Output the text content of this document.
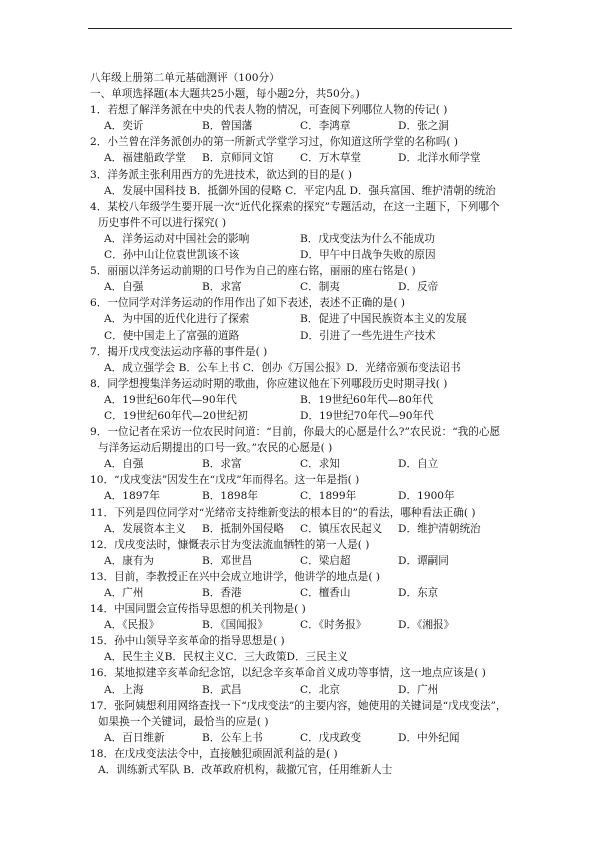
八年级上册第二单元基础测评（100分）
一、单项选择题(本大题共25小题，每小题2分，共50分。)
1．若想了解洋务派在中央的代表人物的情况，可查阅下列哪位人物的传记( )
A．奕䜣	B．曾国藩	C．李鸿章	D．张之洞
2．小兰曾在洋务派创办的第一所新式学堂学习过，你知道这所学堂的名称吗( )
A．福建船政学堂	B．京师同文馆	C．万木草堂	D．北洋水师学堂
3．洋务派主张利用西方的先进技术，欲达到的目的是( )
A．发展中国科技 B．抵御外国的侵略 C．平定内乱 D．强兵富国、维护清朝的统治
4．某校八年级学生要开展一次“近代化探索的探究”专题活动，在这一主题下，下列哪个
历史事件不可以进行探究( )
A．洋务运动对中国社会的影响	B．戊戌变法为什么不能成功
C．孙中山让位袁世凯该不该	D．甲午中日战争失败的原因
5．丽丽以洋务运动前期的口号作为自己的座右铭，丽丽的座右铭是( )
A．自强	B．求富	C．制夷	D．反帝
6．一位同学对洋务运动的作用作出了如下表述，表述不正确的是( )
A．为中国的近代化进行了探索	B．促进了中国民族资本主义的发展
C．使中国走上了富强的道路	D．引进了一些先进生产技术
7．揭开戊戌变法运动序幕的事件是( )
A．成立强学会 B．公车上书 C．创办《万国公报》D．光绪帝颁布变法诏书
8．同学想搜集洋务运动时期的歌曲，你应建议他在下列哪段历史时期寻找( )
A．19世纪60年代—90年代	B．19世纪60年代—80年代
C．19世纪60年代—20世纪初	D．19世纪70年代—90年代
9．一位记者在采访一位农民时问道：“目前，你最大的心愿是什么?”农民说：“我的心愿
与洋务运动后期提出的口号一致。”农民的心愿是( )
A．自强	B．求富	C．求知	D．自立
10．“戊戌变法”因发生在“戊戌”年而得名。这一年是指( )
A．1897年	B．1898年	C．1899年	D．1900年
11．下列是四位同学对“光绪帝支持维新变法的根本目的”的看法，哪种看法正确( )
A．发展资本主义	B．抵制外国侵略	C．镇压农民起义	D．维护清朝统治
12．戊戌变法时，慷慨表示甘为变法流血牺牲的第一人是( )
A．康有为	B．邓世昌	C．梁启超	D．谭嗣同
13．目前，李教授正在兴中会成立地讲学，他讲学的地点是( )
A．广州	B．香港	C．檀香山	D．东京
14．中国同盟会宣传指导思想的机关刊物是( )
A．《民报》	B．《国闻报》	C．《时务报》	D．《湘报》
15．孙中山领导辛亥革命的指导思想是( )
A．民生主义 B．民权主义 C．三大政策D．三民主义
16．某地拟建辛亥革命纪念馆，以纪念辛亥革命首义成功等事情，这一地点应该是( )
A．上海	B．武昌	C．北京	D．广州
17．张阿姨想利用网络查找一下“戊戌变法”的主要内容，她使用的关键词是“戊戌变法”，
如果换一个关键词，最恰当的应是( )
A．百日维新	B．公车上书	C．戊戌政变	D．中外纪闻
18．在戊戌变法法令中，直接触犯顽固派利益的是( )
A．训练新式军队 B．改革政府机构，裁撤冗官，任用维新人士
